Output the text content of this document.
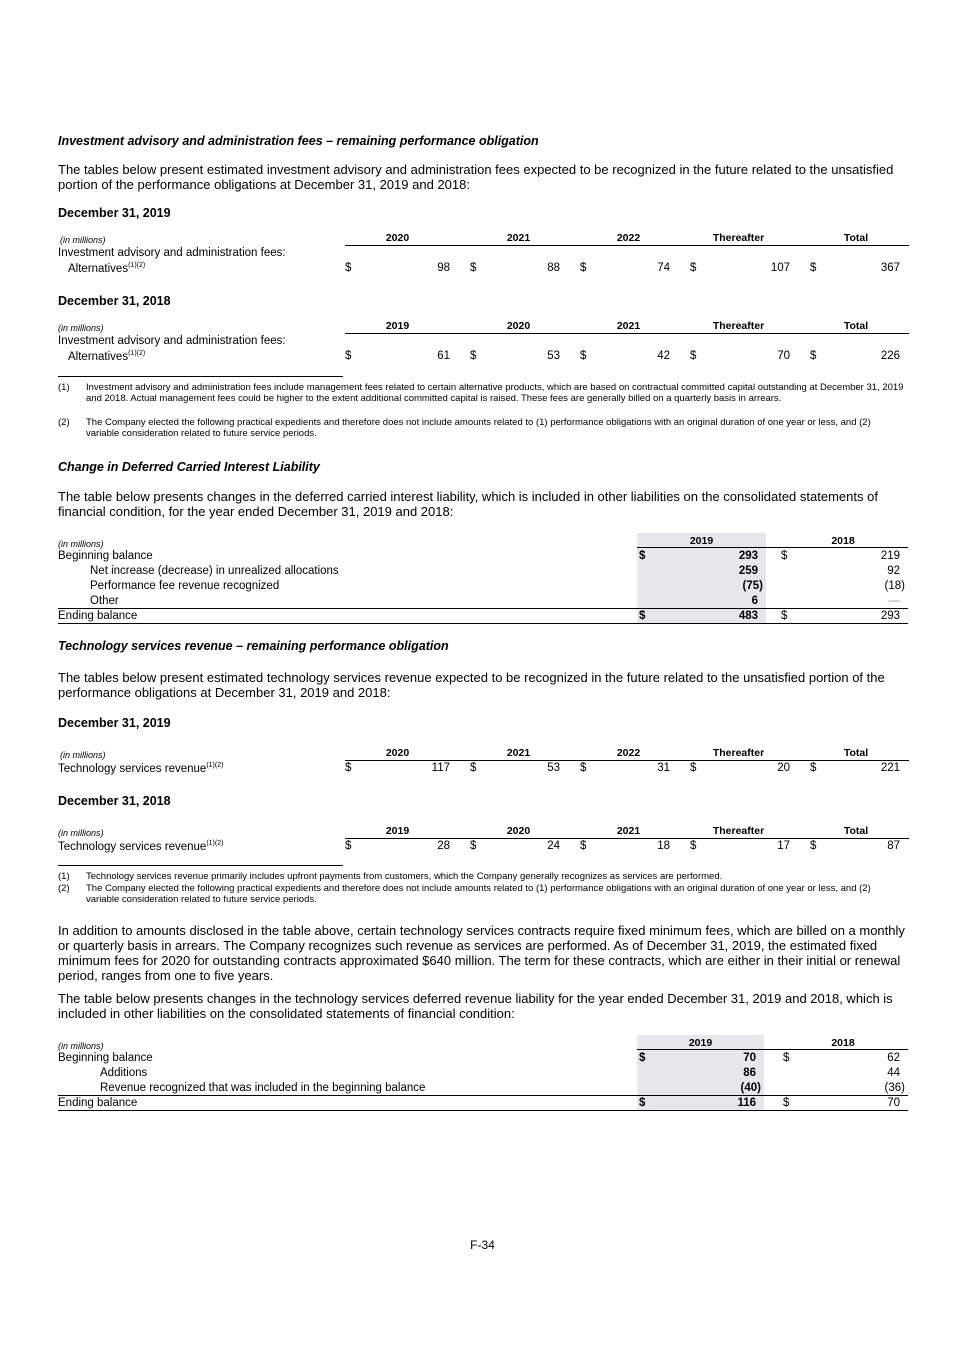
Investment advisory and administration fees – remaining performance obligation
The tables below present estimated investment advisory and administration fees expected to be recognized in the future related to the unsatisfied portion of the performance obligations at December 31, 2019 and 2018:
December 31, 2019
(in millions)	2020	2021	2022	Thereafter	Total
Investment advisory and administration fees:
Alternatives$^{(1)(2)}$	$	98 $	88 $	74 $	107 $	367
December 31, 2018
(in millions)	2019	2020	2021	Thereafter	Total
Investment advisory and administration fees:
Alternatives$^{(1)(2)}$	$	61 $	53 $	42 $	70 $	226
(1) Investment advisory and administration fees include management fees related to certain alternative products, which are based on contractual committed capital outstanding at December 31, 2019 and 2018. Actual management fees could be higher to the extent additional committed capital is raised. These fees are generally billed on a quarterly basis in arrears.
(2) The Company elected the following practical expedients and therefore does not include amounts related to (1) performance obligations with an original duration of one year or less, and (2) variable consideration related to future service periods.
Change in Deferred Carried Interest Liability
The table below presents changes in the deferred carried interest liability, which is included in other liabilities on the consolidated statements of financial condition, for the year ended December 31, 2019 and 2018:
(in millions)	2019	2018
Beginning balance	$	293 $	219
Net increase (decrease) in unrealized allocations	259	92
Performance fee revenue recognized	(75)	(18)
Other	6	—
Ending balance	$	483 $	293
Technology services revenue – remaining performance obligation
The tables below present estimated technology services revenue expected to be recognized in the future related to the unsatisfied portion of the performance obligations at December 31, 2019 and 2018:
December 31, 2019
(in millions)	2020	2021	2022	Thereafter	Total
Technology services revenue$^{(1)(2)}$	$	117 $	53 $	31 $	20 $	221
December 31, 2018
(in millions)	2019	2020	2021	Thereafter	Total
Technology services revenue$^{(1)(2)}$	$	28 $	24 $	18 $	17 $	87
(1) Technology services revenue primarily includes upfront payments from customers, which the Company generally recognizes as services are performed.
(2) The Company elected the following practical expedients and therefore does not include amounts related to (1) performance obligations with an original duration of one year or less, and (2) variable consideration related to future service periods.
In addition to amounts disclosed in the table above, certain technology services contracts require fixed minimum fees, which are billed on a monthly or quarterly basis in arrears. The Company recognizes such revenue as services are performed. As of December 31, 2019, the estimated fixed minimum fees for 2020 for outstanding contracts approximated $640 million. The term for these contracts, which are either in their initial or renewal period, ranges from one to five years.
The table below presents changes in the technology services deferred revenue liability for the year ended December 31, 2019 and 2018, which is included in other liabilities on the consolidated statements of financial condition:
(in millions)	2019	2018
Beginning balance	$	70 $	62
Additions	86	44
Revenue recognized that was included in the beginning balance	(40)	(36)
Ending balance	$	116 $	70
F-34
